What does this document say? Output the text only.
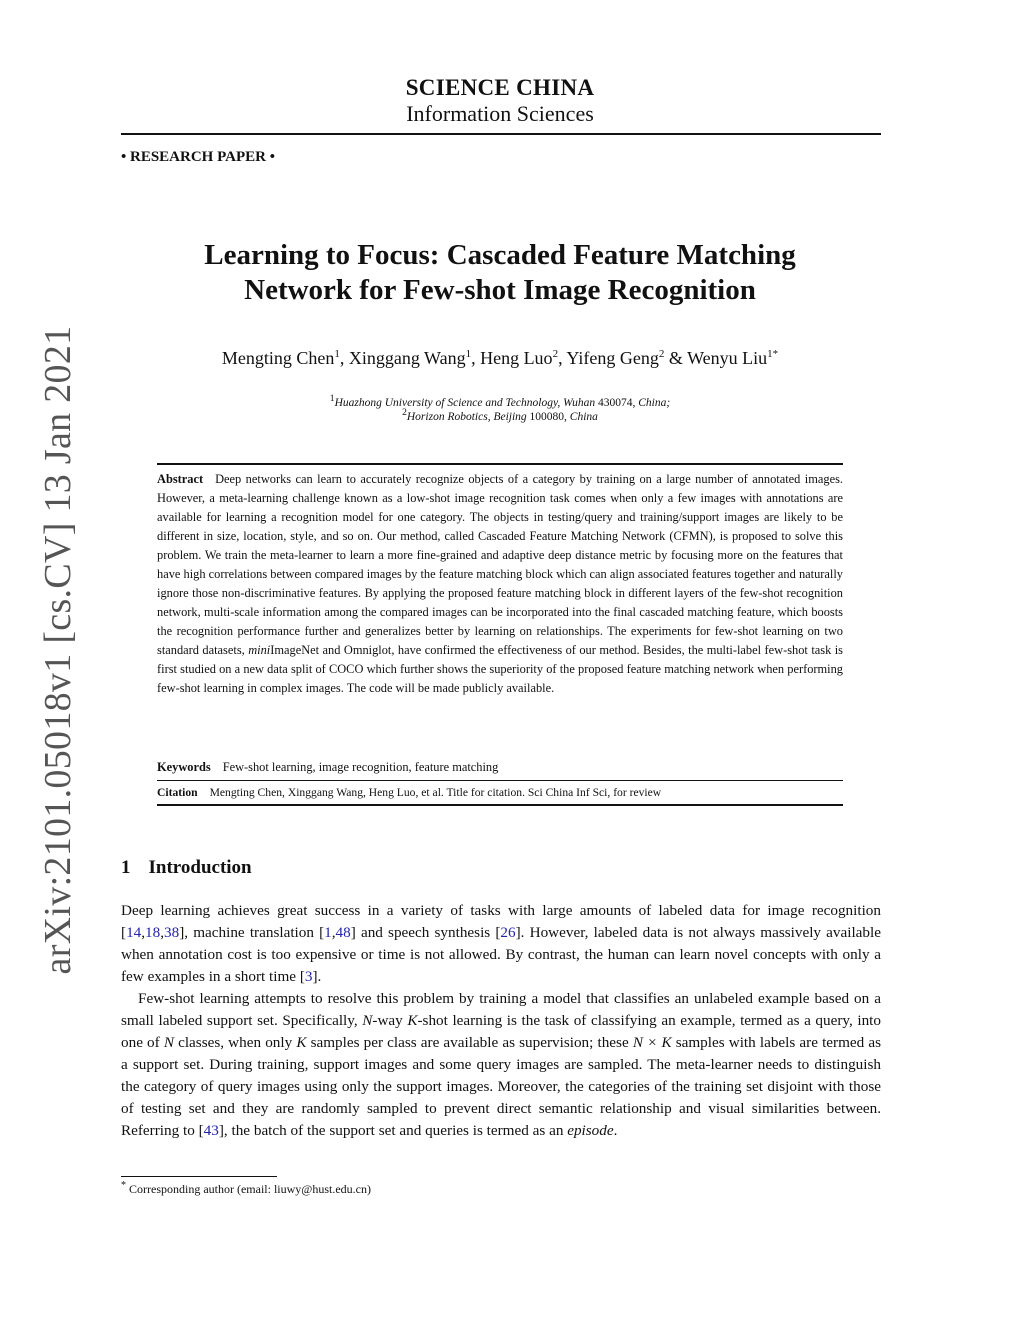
arXiv:2101.05018v1 [cs.CV] 13 Jan 2021
SCIENCE CHINA
Information Sciences
• RESEARCH PAPER •
Learning to Focus: Cascaded Feature Matching
Network for Few-shot Image Recognition
Mengting Chen$^1$, Xinggang Wang$^1$, Heng Luo$^2$, Yifeng Geng$^2$ & Wenyu Liu$^{1*}$
$^1$Huazhong University of Science and Technology, Wuhan 430074, China;
$^2$Horizon Robotics, Beijing 100080, China
Abstract Deep networks can learn to accurately recognize objects of a category by training on a large number of annotated images. However, a meta-learning challenge known as a low-shot image recognition task comes when only a few images with annotations are available for learning a recognition model for one category. The objects in testing/query and training/support images are likely to be different in size, location, style, and so on. Our method, called Cascaded Feature Matching Network (CFMN), is proposed to solve this problem. We train the meta-learner to learn a more fine-grained and adaptive deep distance metric by focusing more on the features that have high correlations between compared images by the feature matching block which can align associated features together and naturally ignore those non-discriminative features. By applying the proposed feature matching block in different layers of the few-shot recognition network, multi-scale information among the compared images can be incorporated into the final cascaded matching feature, which boosts the recognition performance further and generalizes better by learning on relationships. The experiments for few-shot learning on two standard datasets, miniImageNet and Omniglot, have confirmed the effectiveness of our method. Besides, the multi-label few-shot task is first studied on a new data split of COCO which further shows the superiority of the proposed feature matching network when performing few-shot learning in complex images. The code will be made publicly available.
Keywords Few-shot learning, image recognition, feature matching
Citation Mengting Chen, Xinggang Wang, Heng Luo, et al. Title for citation. Sci China Inf Sci, for review
1 Introduction
Deep learning achieves great success in a variety of tasks with large amounts of labeled data for image recognition [14,18,38], machine translation [1,48] and speech synthesis [26]. However, labeled data is not always massively available when annotation cost is too expensive or time is not allowed. By contrast, the human can learn novel concepts with only a few examples in a short time [3].
Few-shot learning attempts to resolve this problem by training a model that classifies an unlabeled example based on a small labeled support set. Specifically, N-way K-shot learning is the task of classifying an example, termed as a query, into one of N classes, when only K samples per class are available as supervision; these N × K samples with labels are termed as a support set. During training, support images and some query images are sampled. The meta-learner needs to distinguish the category of query images using only the support images. Moreover, the categories of the training set disjoint with those of testing set and they are randomly sampled to prevent direct semantic relationship and visual similarities between. Referring to [43], the batch of the support set and queries is termed as an episode.
* Corresponding author (email: liuwy@hust.edu.cn)
